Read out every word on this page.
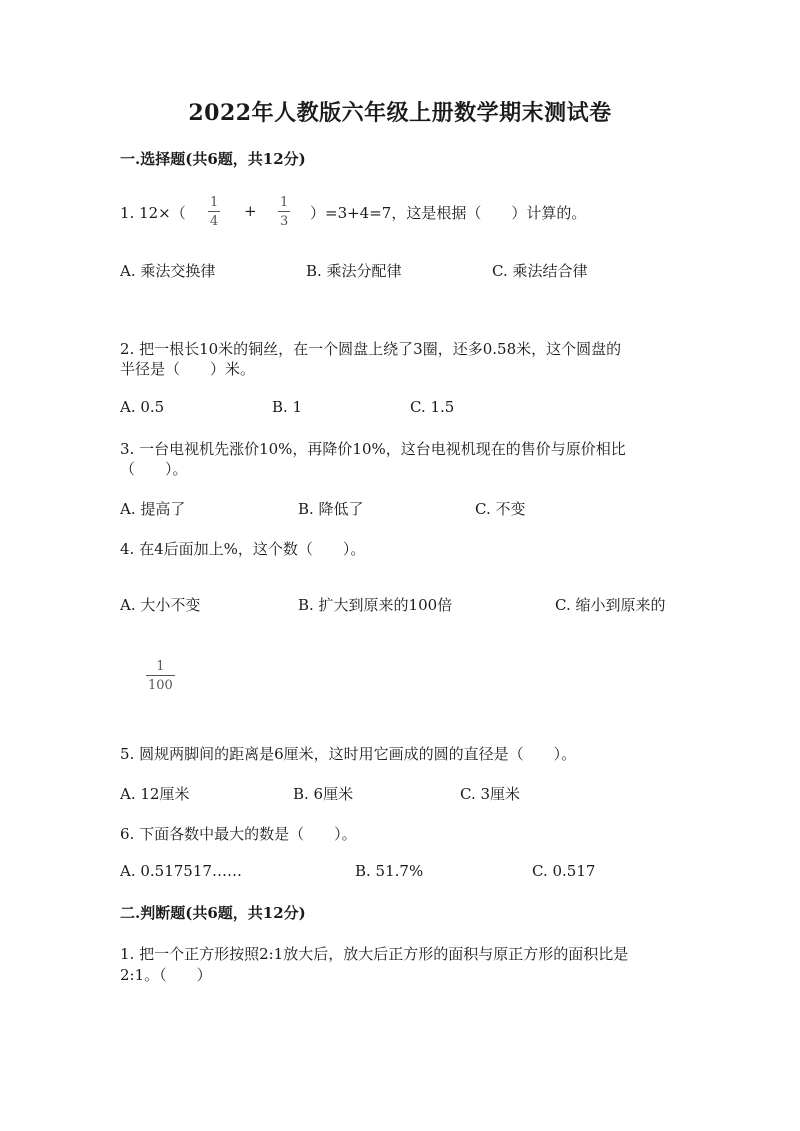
2022年人教版六年级上册数学期末测试卷
一.选择题(共6题，共12分)
1. 12×（
1
4
+ 1
3 ）=3+4=7，这是根据（　　）计算的。
A. 乘法交换律	B. 乘法分配律	C. 乘法结合律
2. 把一根长10米的铜丝，在一个圆盘上绕了3圈，还多0.58米，这个圆盘的
半径是（　　）米。
A. 0.5	B. 1	C. 1.5
3. 一台电视机先涨价10%，再降价10%，这台电视机现在的售价与原价相比
（　　）。
A. 提高了	B. 降低了	C. 不变
4. 在4后面加上%，这个数（　　）。
A. 大小不变	B. 扩大到原来的100倍	C. 缩小到原来的
1
100
5. 圆规两脚间的距离是6厘米，这时用它画成的圆的直径是（　　）。
A. 12厘米	B. 6厘米	C. 3厘米
6. 下面各数中最大的数是（　　）。
A. 0.517517……	B. 51.7%	C. 0.517
二.判断题(共6题，共12分)
1. 把一个正方形按照2:1放大后，放大后正方形的面积与原正方形的面积比是
2:1。（　　）
